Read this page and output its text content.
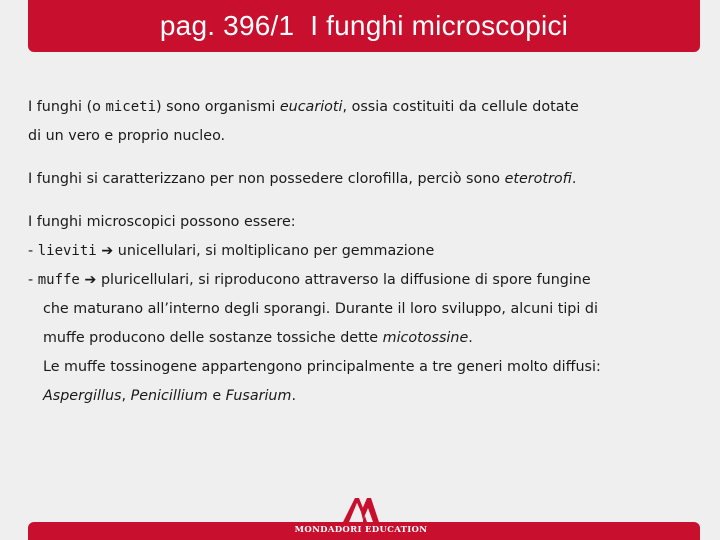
pag. 396/1  I funghi microscopici
I funghi (o miceti) sono organismi eucarioti, ossia costituiti da cellule dotate
di un vero e proprio nucleo.
I funghi si caratterizzano per non possedere clorofilla, perciò sono eterotrofi.
I funghi microscopici possono essere:
- lieviti ➔ unicellulari, si moltiplicano per gemmazione
- muffe ➔ pluricellulari, si riproducono attraverso la diffusione di spore fungine
che maturano all’interno degli sporangi. Durante il loro sviluppo, alcuni tipi di
muffe producono delle sostanze tossiche dette micotossine.
Le muffe tossinogene appartengono principalmente a tre generi molto diffusi:
Aspergillus, Penicillium e Fusarium.
MONDADORI EDUCATION
